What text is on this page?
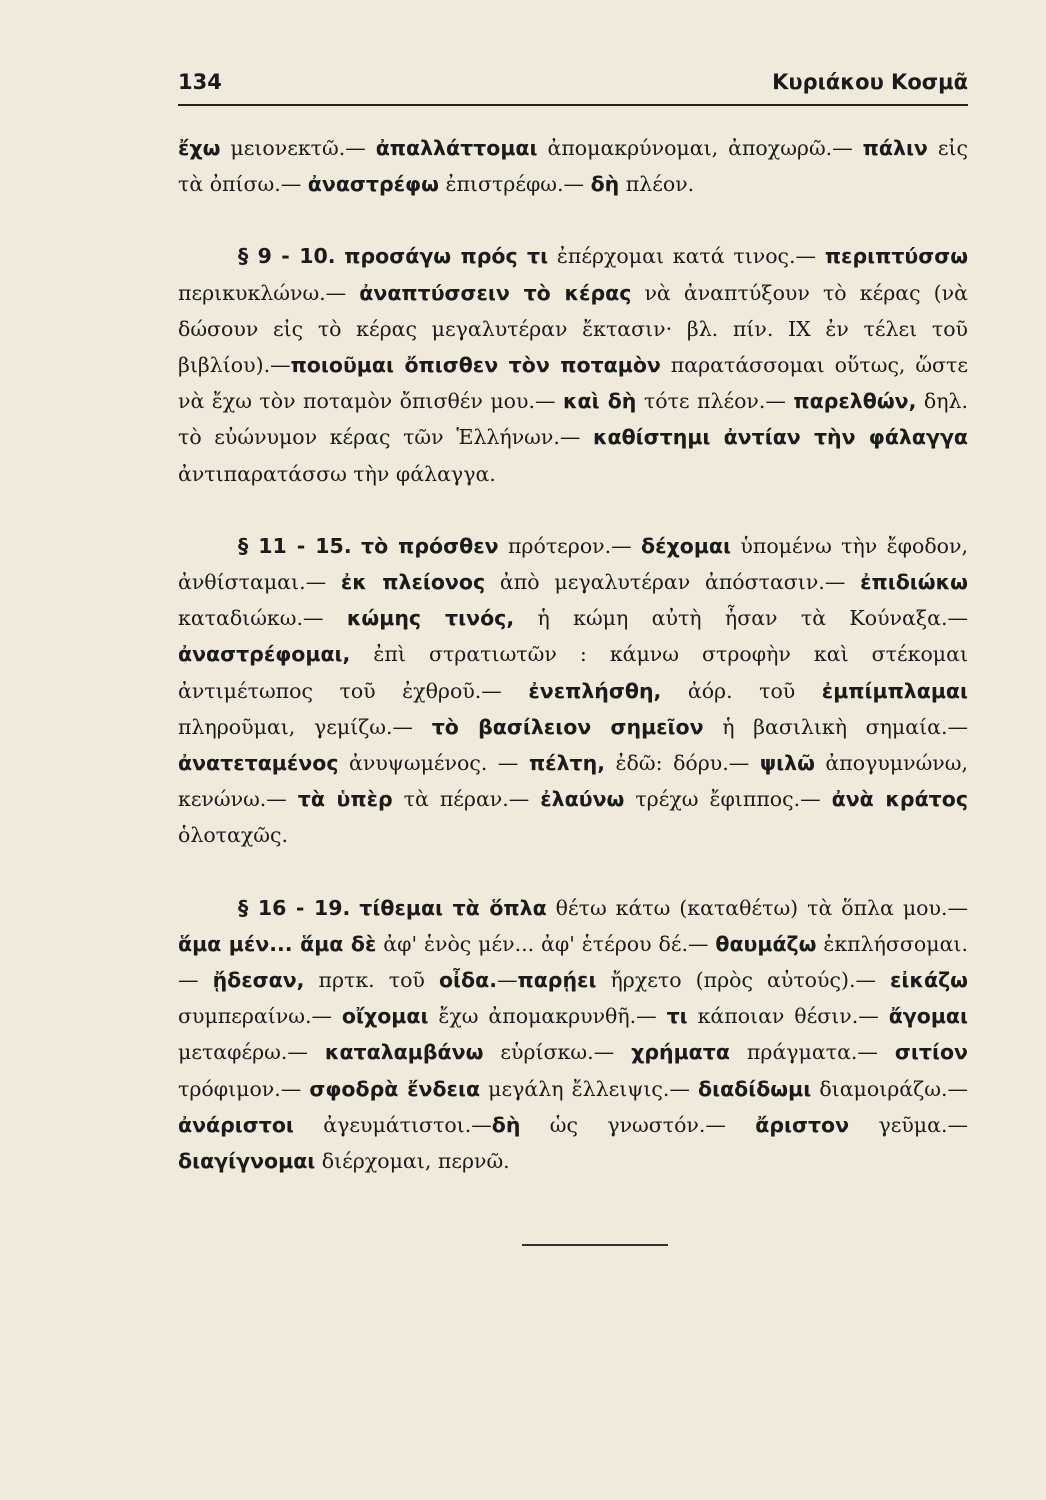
134	Κυριάκου Κοσμᾶ

ἔχω μειονεκτῶ.— ἀπαλλάττομαι ἀπομακρύνομαι, ἀποχωρῶ.— πάλιν εἰς τὰ ὀπίσω.— ἀναστρέφω ἐπιστρέφω.— δὴ πλέον.

§ 9 - 10. προσάγω πρός τι ἐπέρχομαι κατά τινος.— περιπτύσσω περικυκλώνω.— ἀναπτύσσειν τὸ κέρας νὰ ἀναπτύξουν τὸ κέρας (νὰ δώσουν εἰς τὸ κέρας μεγαλυτέραν ἔκτασιν· βλ. πίν. IX ἐν τέλει τοῦ βιβλίου).—ποιοῦμαι ὄπισθεν τὸν ποταμὸν παρατάσσομαι οὕτως, ὥστε νὰ ἔχω τὸν ποταμὸν ὄπισθέν μου.— καὶ δὴ τότε πλέον.— παρελθών, δηλ. τὸ εὐώνυμον κέρας τῶν Ἑλλήνων.— καθίστημι ἀντίαν τὴν φάλαγγα ἀντιπαρατάσσω τὴν φάλαγγα.

§ 11 - 15. τὸ πρόσθεν πρότερον.— δέχομαι ὑπομένω τὴν ἔφοδον, ἀνθίσταμαι.— ἐκ πλείονος ἀπὸ μεγαλυτέραν ἀπόστασιν.— ἐπιδιώκω καταδιώκω.— κώμης τινός, ἡ κώμη αὐτὴ ἦσαν τὰ Κούναξα.— ἀναστρέφομαι, ἐπὶ στρατιωτῶν : κάμνω στροφὴν καὶ στέκομαι ἀντιμέτωπος τοῦ ἐχθροῦ.— ἐνεπλήσθη, ἀόρ. τοῦ ἐμπίμπλαμαι πληροῦμαι, γεμίζω.— τὸ βασίλειον σημεῖον ἡ βασιλικὴ σημαία.— ἀνατεταμένος ἀνυψωμένος. — πέλτη, ἐδῶ: δόρυ.— ψιλῶ ἀπογυμνώνω, κενώνω.— τὰ ὑπὲρ τὰ πέραν.— ἐλαύνω τρέχω ἔφιππος.— ἀνὰ κράτος ὁλοταχῶς.

§ 16 - 19. τίθεμαι τὰ ὅπλα θέτω κάτω (καταθέτω) τὰ ὅπλα μου.— ἅμα μέν... ἅμα δὲ ἀφ' ἑνὸς μέν... ἀφ' ἑτέρου δέ.— θαυμάζω ἐκπλήσσομαι.— ᾔδεσαν, πρτκ. τοῦ οἶδα.—παρῄει ἤρχετο (πρὸς αὐτούς).— εἰκάζω συμπεραίνω.— οἴχομαι ἔχω ἀπομακρυνθῆ.— τι κάποιαν θέσιν.— ἄγομαι μεταφέρω.— καταλαμβάνω εὑρίσκω.— χρήματα πράγματα.— σιτίον τρόφιμον.— σφοδρὰ ἔνδεια μεγάλη ἔλλειψις.— διαδίδωμι διαμοιράζω.— ἀνάριστοι ἀγευμάτιστοι.—δὴ ὡς γνωστόν.— ἄριστον γεῦμα.— διαγίγνομαι διέρχομαι, περνῶ.
